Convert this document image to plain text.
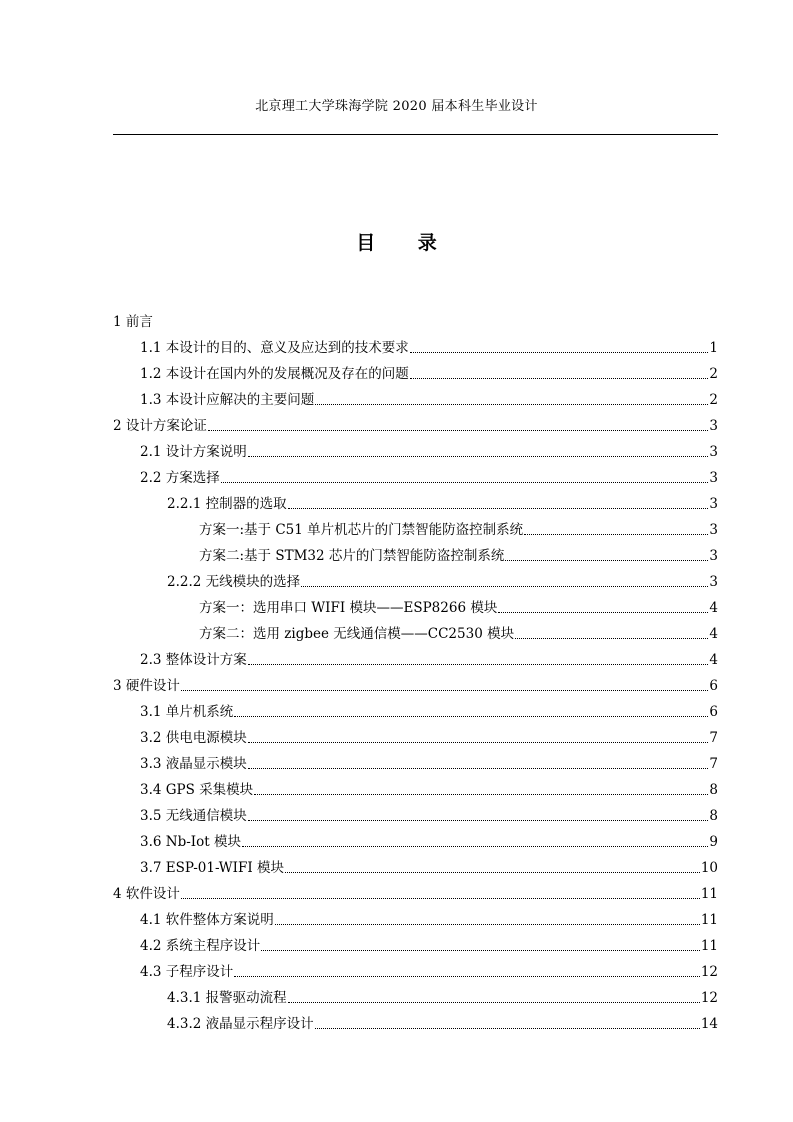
北京理工大学珠海学院 2020 届本科生毕业设计
目 录
1 前言
1.1 本设计的目的、意义及应达到的技术要求	1
1.2 本设计在国内外的发展概况及存在的问题	2
1.3 本设计应解决的主要问题	2
2 设计方案论证	3
2.1 设计方案说明	3
2.2 方案选择	3
2.2.1 控制器的选取	3
方案一:基于 C51 单片机芯片的门禁智能防盗控制系统	3
方案二:基于 STM32 芯片的门禁智能防盗控制系统	3
2.2.2 无线模块的选择	3
方案一：选用串口 WIFI 模块——ESP8266 模块	4
方案二：选用 zigbee 无线通信模——CC2530 模块	4
2.3 整体设计方案	4
3 硬件设计	6
3.1 单片机系统	6
3.2 供电电源模块	7
3.3 液晶显示模块	7
3.4 GPS 采集模块	8
3.5 无线通信模块	8
3.6 Nb-Iot 模块	9
3.7 ESP-01-WIFI 模块	10
4 软件设计	11
4.1 软件整体方案说明	11
4.2 系统主程序设计	11
4.3 子程序设计	12
4.3.1 报警驱动流程	12
4.3.2 液晶显示程序设计	14
